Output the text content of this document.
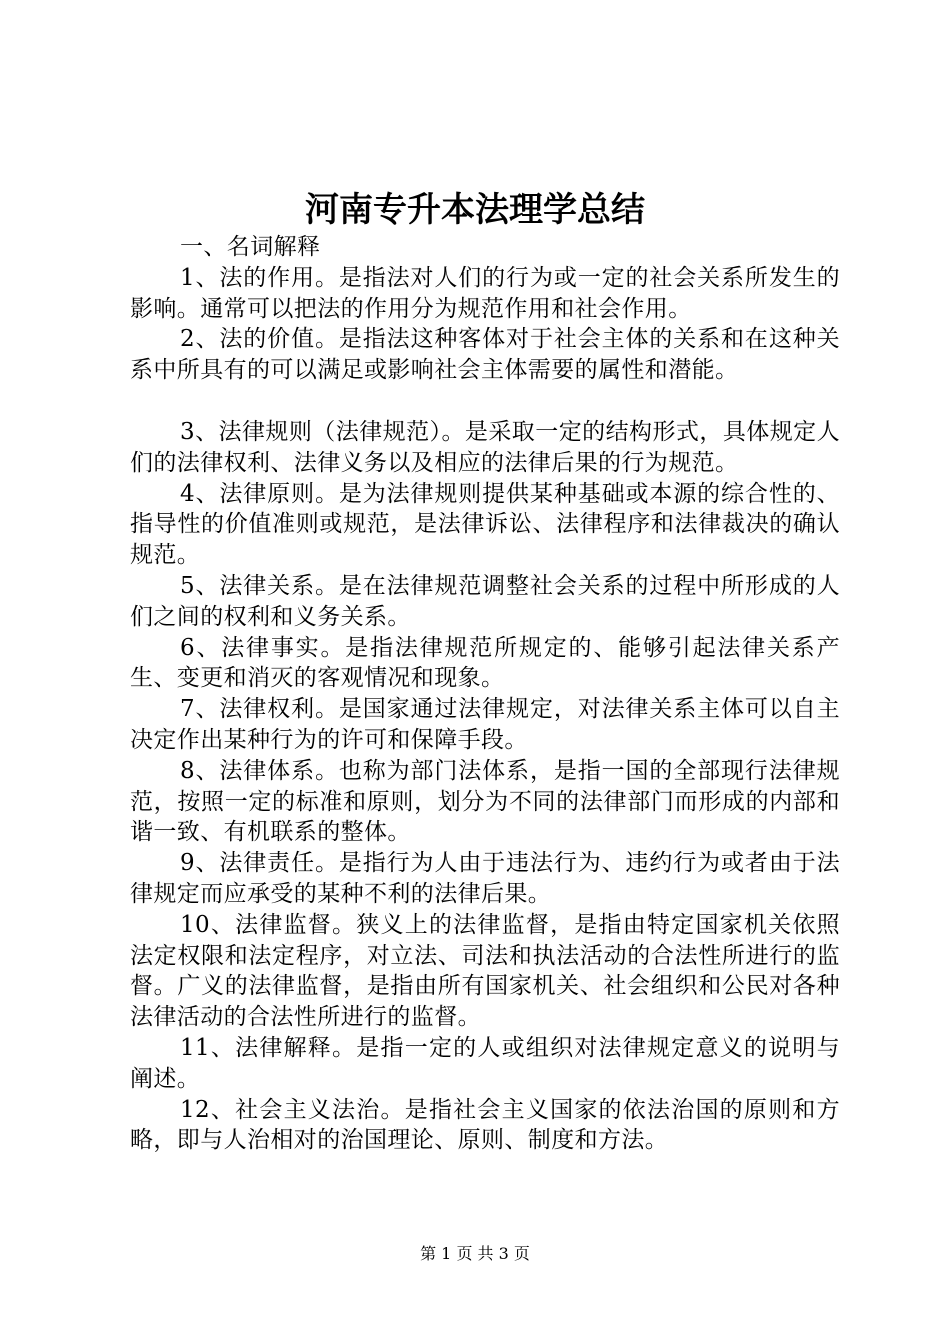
河南专升本法理学总结

一、名词解释

1、法的作用。是指法对人们的行为或一定的社会关系所发生的影响。通常可以把法的作用分为规范作用和社会作用。

2、法的价值。是指法这种客体对于社会主体的关系和在这种关系中所具有的可以满足或影响社会主体需要的属性和潜能。

3、法律规则（法律规范）。是采取一定的结构形式，具体规定人们的法律权利、法律义务以及相应的法律后果的行为规范。

4、法律原则。是为法律规则提供某种基础或本源的综合性的、指导性的价值准则或规范，是法律诉讼、法律程序和法律裁决的确认规范。

5、法律关系。是在法律规范调整社会关系的过程中所形成的人们之间的权利和义务关系。

6、法律事实。是指法律规范所规定的、能够引起法律关系产生、变更和消灭的客观情况和现象。

7、法律权利。是国家通过法律规定，对法律关系主体可以自主决定作出某种行为的许可和保障手段。

8、法律体系。也称为部门法体系，是指一国的全部现行法律规范，按照一定的标准和原则，划分为不同的法律部门而形成的内部和谐一致、有机联系的整体。

9、法律责任。是指行为人由于违法行为、违约行为或者由于法律规定而应承受的某种不利的法律后果。

10、法律监督。狭义上的法律监督，是指由特定国家机关依照法定权限和法定程序，对立法、司法和执法活动的合法性所进行的监督。广义的法律监督，是指由所有国家机关、社会组织和公民对各种法律活动的合法性所进行的监督。

11、法律解释。是指一定的人或组织对法律规定意义的说明与阐述。

12、社会主义法治。是指社会主义国家的依法治国的原则和方略，即与人治相对的治国理论、原则、制度和方法。

第 1 页 共 3 页
